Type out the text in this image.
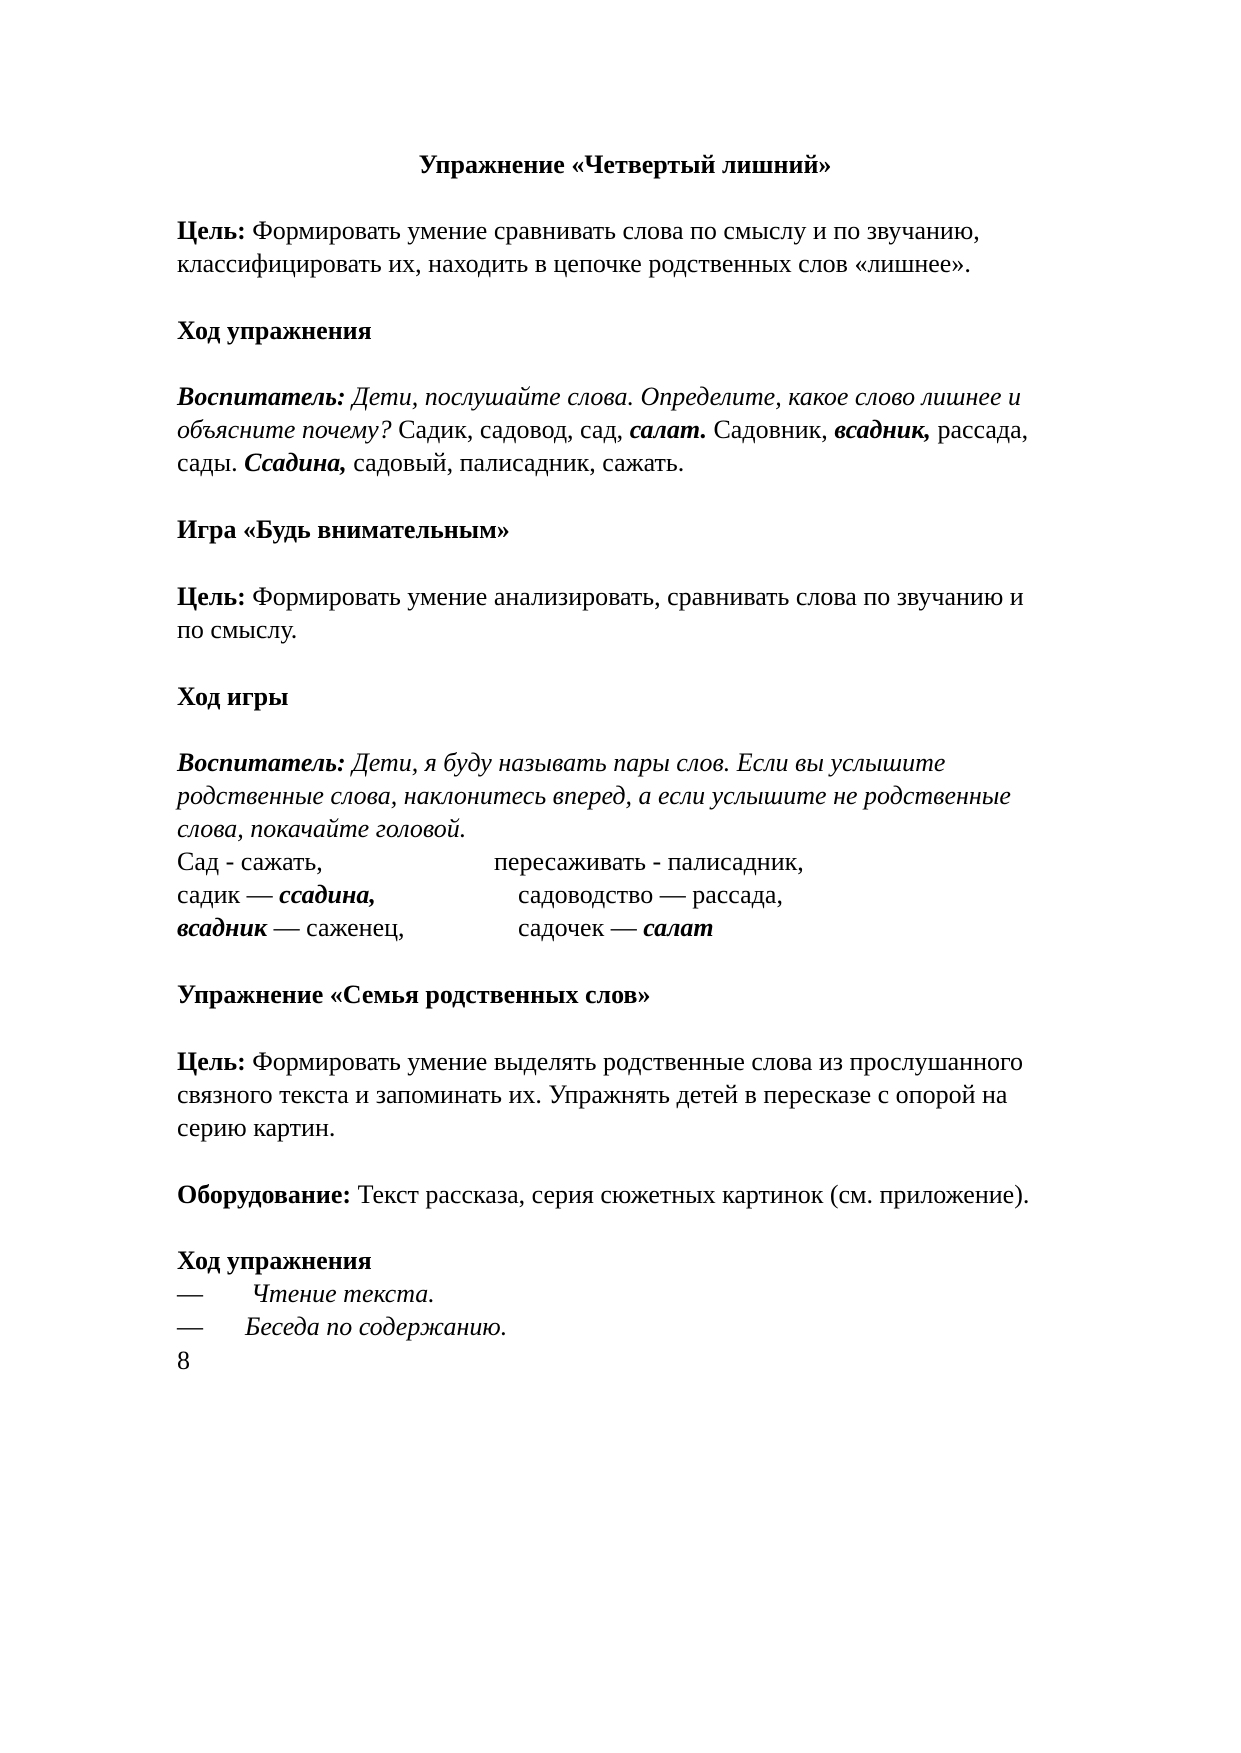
Упражнение «Четвертый лишний»
Цель: Формировать умение сравнивать слова по смыслу и по звучанию,
классифицировать их, находить в цепочке родственных слов «лишнее».
Ход упражнения
Воспитатель: Дети, послушайте слова. Определите, какое слово лишнее и
объясните почему? Садик, садовод, сад, салат. Садовник, всадник, рассада,
сады. Ссадина, садовый, палисадник, сажать.
Игра «Будь внимательным»
Цель: Формировать умение анализировать, сравнивать слова по звучанию и
по смыслу.
Ход игры
Воспитатель: Дети, я буду называть пары слов. Если вы услышите
родственные слова, наклонитесь вперед, а если услышите не родственные
слова, покачайте головой.
Сад - сажать,	пересаживать - палисадник,
садик — ссадина,	садоводство — рассада,
всадник — саженец,	садочек — салат
Упражнение «Семья родственных слов»
Цель: Формировать умение выделять родственные слова из прослушанного
связного текста и запоминать их. Упражнять детей в пересказе с опорой на
серию картин.
Оборудование: Текст рассказа, серия сюжетных картинок (см. приложение).
Ход упражнения
— Чтение текста.
— Беседа по содержанию.
8
